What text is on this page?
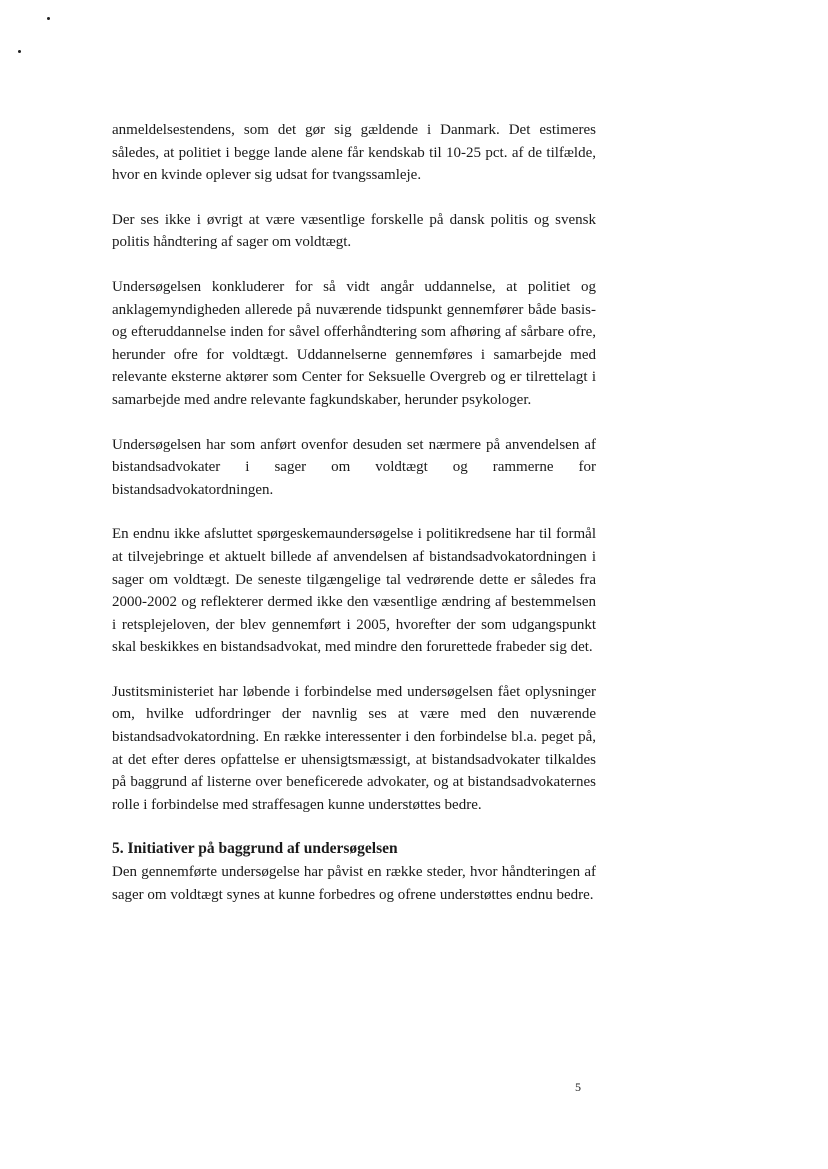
anmeldelsestendens, som det gør sig gældende i Danmark. Det estimeres således, at politiet i begge lande alene får kendskab til 10-25 pct. af de tilfælde, hvor en kvinde oplever sig udsat for tvangssamleje.

Der ses ikke i øvrigt at være væsentlige forskelle på dansk politis og svensk politis håndtering af sager om voldtægt.

Undersøgelsen konkluderer for så vidt angår uddannelse, at politiet og anklagemyndigheden allerede på nuværende tidspunkt gennemfører både basis- og efteruddannelse inden for såvel offerhåndtering som afhøring af sårbare ofre, herunder ofre for voldtægt. Uddannelserne gennemføres i samarbejde med relevante eksterne aktører som Center for Seksuelle Overgreb og er tilrettelagt i samarbejde med andre relevante fagkundskaber, herunder psykologer.

Undersøgelsen har som anført ovenfor desuden set nærmere på anvendelsen af bistandsadvokater i sager om voldtægt og rammerne for bistandsadvokatordningen.

En endnu ikke afsluttet spørgeskemaundersøgelse i politikredsene har til formål at tilvejebringe et aktuelt billede af anvendelsen af bistandsadvokatordningen i sager om voldtægt. De seneste tilgængelige tal vedrørende dette er således fra 2000-2002 og reflekterer dermed ikke den væsentlige ændring af bestemmelsen i retsplejeloven, der blev gennemført i 2005, hvorefter der som udgangspunkt skal beskikkes en bistandsadvokat, med mindre den forurettede frabeder sig det.

Justitsministeriet har løbende i forbindelse med undersøgelsen fået oplysninger om, hvilke udfordringer der navnlig ses at være med den nuværende bistandsadvokatordning. En række interessenter i den forbindelse bl.a. peget på, at det efter deres opfattelse er uhensigtsmæssigt, at bistandsadvokater tilkaldes på baggrund af listerne over beneficerede advokater, og at bistandsadvokaternes rolle i forbindelse med straffesagen kunne understøttes bedre.

5. Initiativer på baggrund af undersøgelsen

Den gennemførte undersøgelse har påvist en række steder, hvor håndteringen af sager om voldtægt synes at kunne forbedres og ofrene understøttes endnu bedre.

5
